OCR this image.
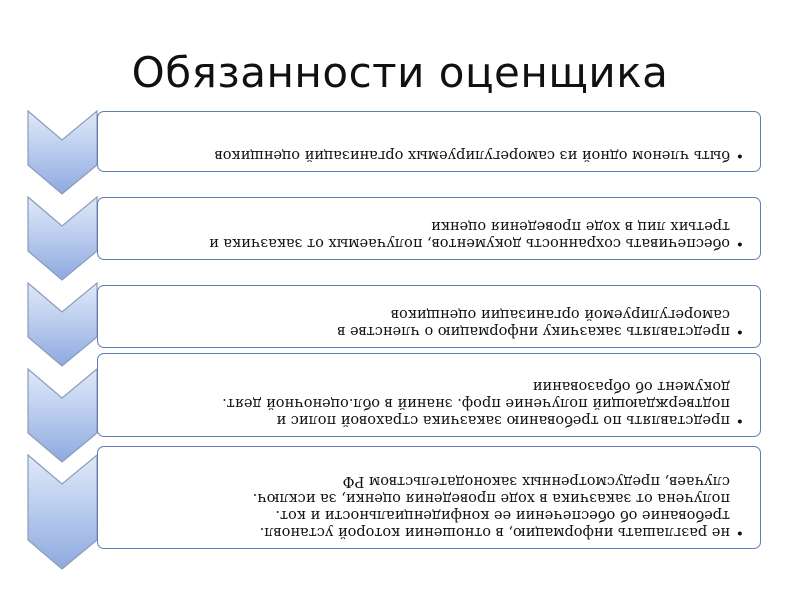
Обязанности оценщика
•
быть членом одной из саморегулируемых организаций оценщиков
•
обеспечивать сохранность документов, получаемых от заказчика и
третьих лиц в ходе проведения оценки
•
представлять заказчику информацию о членстве в
саморегулируемой организации оценщиков
•
представлять по требованию заказчика страховой полис и
подтверждающий получение проф. знаний в обл.оценочной деят.
документ об образовании
•
не разглашать информацию, в отношении которой установл.
требование об обеспечении ее конфиденциальности и кот.
получена от заказчика в ходе проведения оценки, за исключ.
случаев, предусмотренных законодательством РФ
